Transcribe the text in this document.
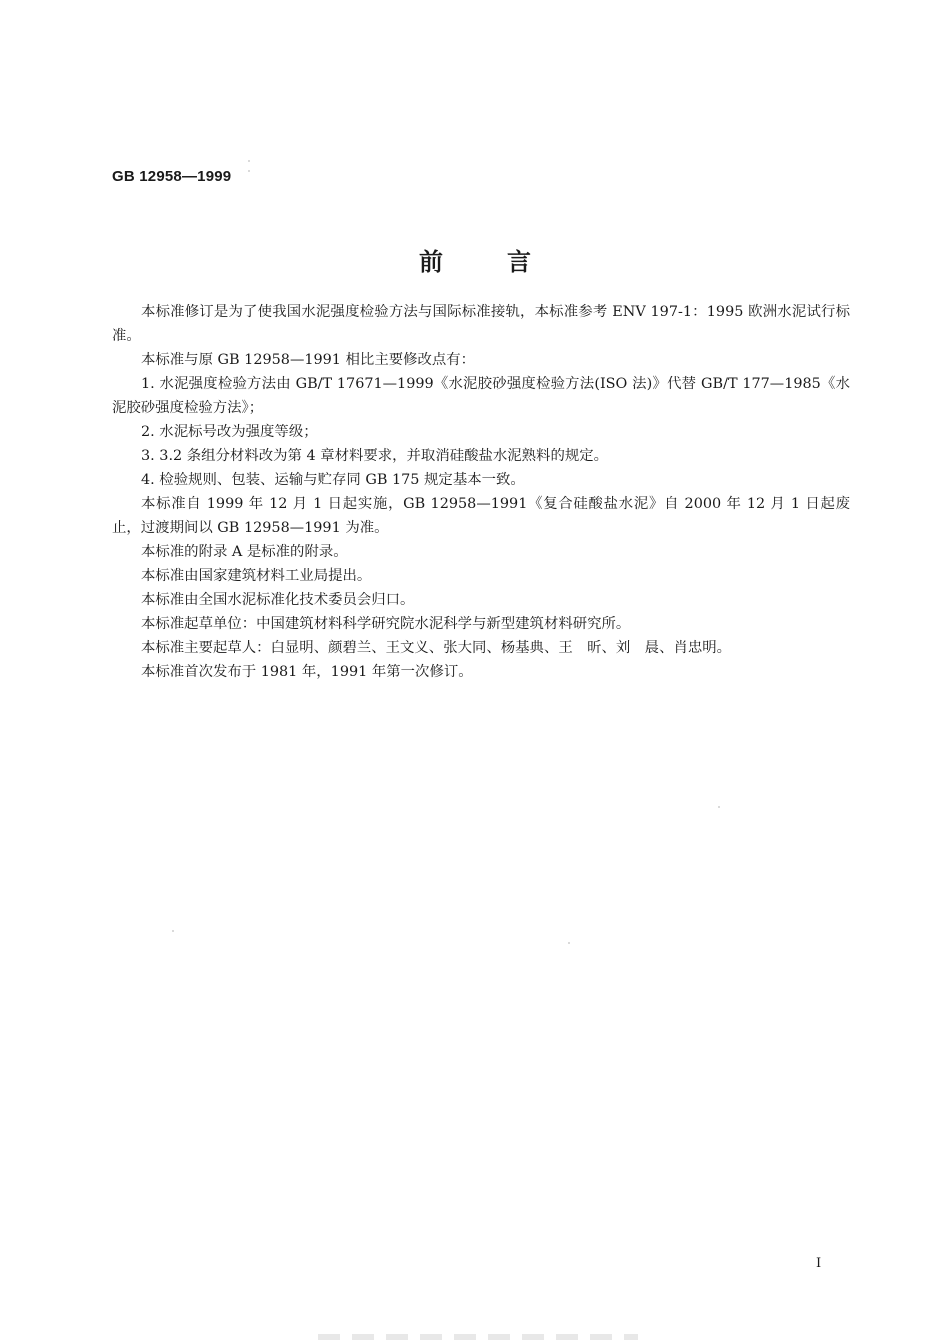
GB 12958—1999
前	言

本标准修订是为了使我国水泥强度检验方法与国际标准接轨，本标准参考 ENV 197-1：1995 欧洲水泥试行标准。

本标准与原 GB 12958—1991 相比主要修改点有：

1. 水泥强度检验方法由 GB/T 17671—1999《水泥胶砂强度检验方法(ISO 法)》代替 GB/T 177—1985《水泥胶砂强度检验方法》；

2. 水泥标号改为强度等级；

3. 3.2 条组分材料改为第 4 章材料要求，并取消硅酸盐水泥熟料的规定。

4. 检验规则、包装、运输与贮存同 GB 175 规定基本一致。

本标准自 1999 年 12 月 1 日起实施，GB 12958—1991《复合硅酸盐水泥》自 2000 年 12 月 1 日起废止，过渡期间以 GB 12958—1991 为准。

本标准的附录 A 是标准的附录。

本标准由国家建筑材料工业局提出。

本标准由全国水泥标准化技术委员会归口。

本标准起草单位：中国建筑材料科学研究院水泥科学与新型建筑材料研究所。

本标准主要起草人：白显明、颜碧兰、王文义、张大同、杨基典、王　昕、刘　晨、肖忠明。

本标准首次发布于 1981 年，1991 年第一次修订。

I
